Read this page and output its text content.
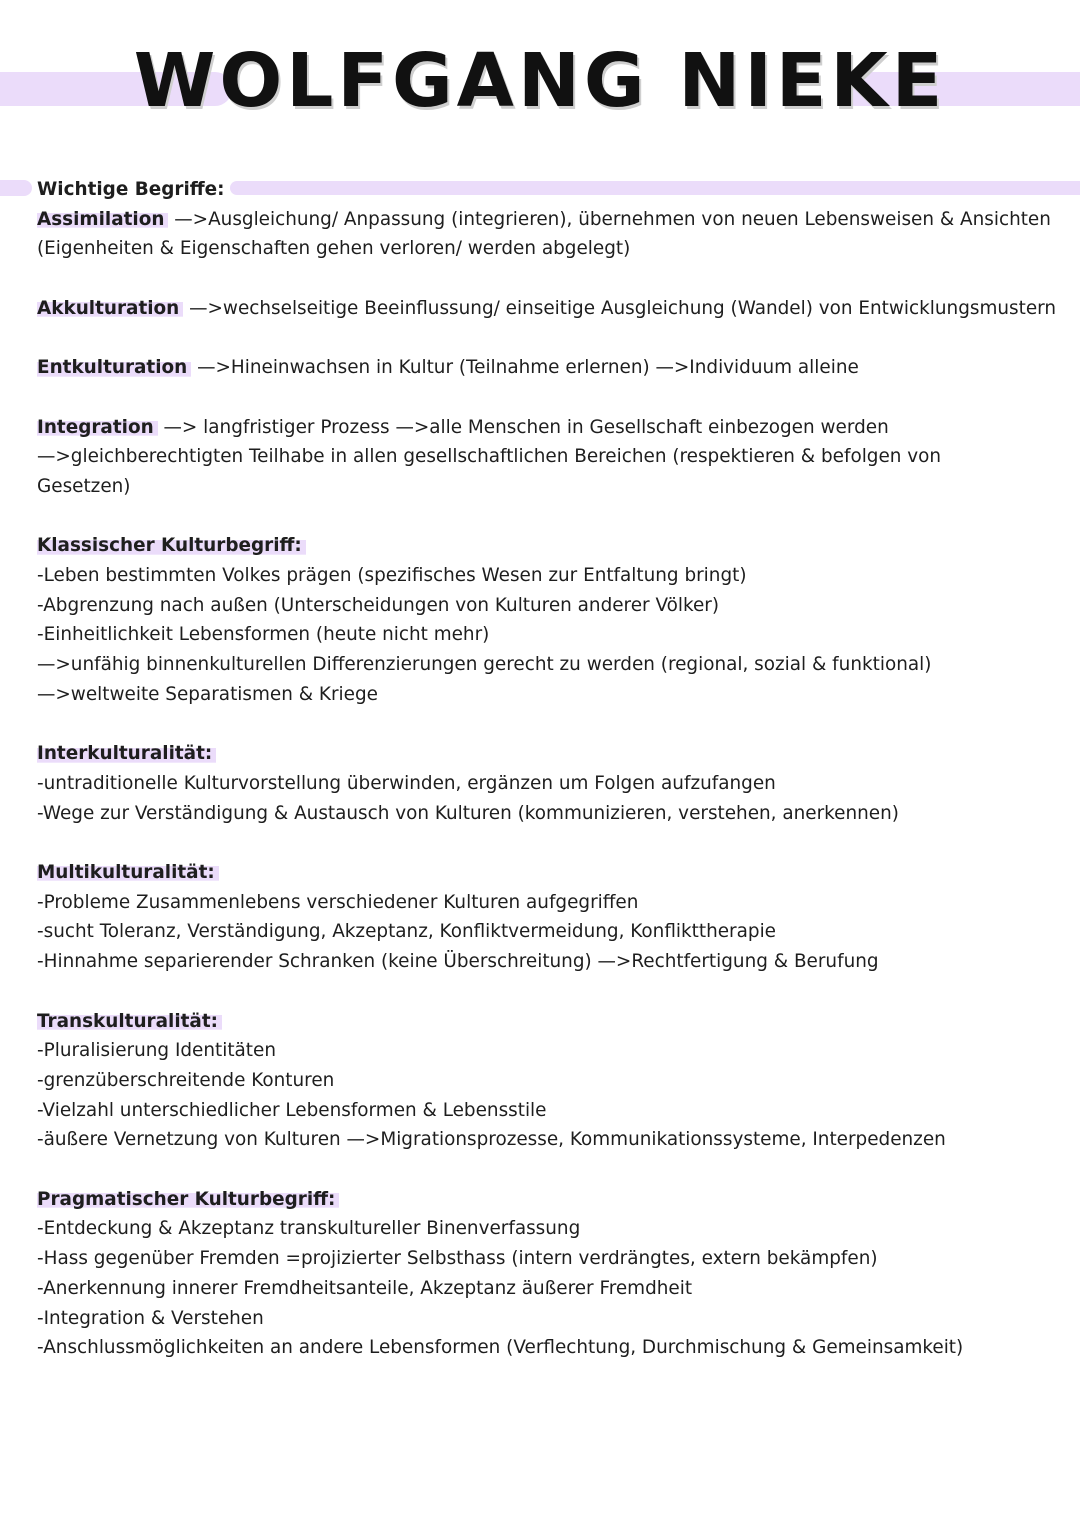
WOLFGANG NIEKE
Wichtige Begriffe:
Assimilation —>Ausgleichung/ Anpassung (integrieren), übernehmen von neuen Lebensweisen & Ansichten
(Eigenheiten & Eigenschaften gehen verloren/ werden abgelegt)
Akkulturation —>wechselseitige Beeinflussung/ einseitige Ausgleichung (Wandel) von Entwicklungsmustern
Entkulturation —>Hineinwachsen in Kultur (Teilnahme erlernen) —>Individuum alleine
Integration —> langfristiger Prozess —>alle Menschen in Gesellschaft einbezogen werden
—>gleichberechtigten Teilhabe in allen gesellschaftlichen Bereichen (respektieren & befolgen von
Gesetzen)
Klassischer Kulturbegriff:
-Leben bestimmten Volkes prägen (spezifisches Wesen zur Entfaltung bringt)
-Abgrenzung nach außen (Unterscheidungen von Kulturen anderer Völker)
-Einheitlichkeit Lebensformen (heute nicht mehr)
—>unfähig binnenkulturellen Differenzierungen gerecht zu werden (regional, sozial & funktional)
—>weltweite Separatismen & Kriege
Interkulturalität:
-untraditionelle Kulturvorstellung überwinden, ergänzen um Folgen aufzufangen
-Wege zur Verständigung & Austausch von Kulturen (kommunizieren, verstehen, anerkennen)
Multikulturalität:
-Probleme Zusammenlebens verschiedener Kulturen aufgegriffen
-sucht Toleranz, Verständigung, Akzeptanz, Konfliktvermeidung, Konflikttherapie
-Hinnahme separierender Schranken (keine Überschreitung) —>Rechtfertigung & Berufung
Transkulturalität:
-Pluralisierung Identitäten
-grenzüberschreitende Konturen
-Vielzahl unterschiedlicher Lebensformen & Lebensstile
-äußere Vernetzung von Kulturen —>Migrationsprozesse, Kommunikationssysteme, Interpedenzen
Pragmatischer Kulturbegriff:
-Entdeckung & Akzeptanz transkultureller Binenverfassung
-Hass gegenüber Fremden =projizierter Selbsthass (intern verdrängtes, extern bekämpfen)
-Anerkennung innerer Fremdheitsanteile, Akzeptanz äußerer Fremdheit
-Integration & Verstehen
-Anschlussmöglichkeiten an andere Lebensformen (Verflechtung, Durchmischung & Gemeinsamkeit)
